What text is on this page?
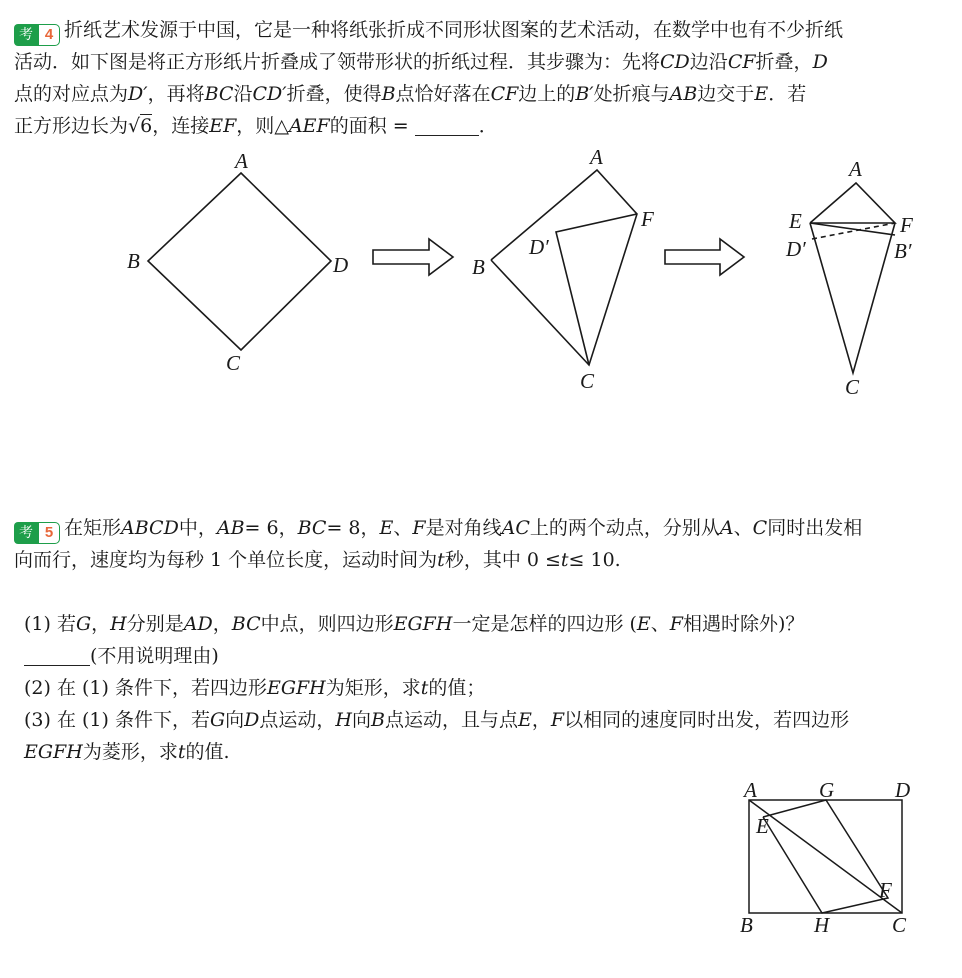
考 4 折纸艺术发源于中国，它是一种将纸张折成不同形状图案的艺术活动，在数学中也有不少折纸
活动．如下图是将正方形纸片折叠成了领带形状的折纸过程．其步骤为：先将CD边沿CF折叠，D
点的对应点为D′，再将BC沿CD′折叠，使得B点恰好落在CF边上的B′处折痕与AB边交于E．若
正方形边长为√6，连接EF，则△AEF的面积 =	．
A
B	D
C
A
F
D′
B
C
A
E	F
D′	B′
C
考 5 在矩形ABCD中，AB= 6，BC= 8，E、F是对角线AC上的两个动点，分别从A、C同时出发相
向而行，速度均为每秒 1 个单位长度，运动时间为t秒，其中 0 ≤t≤ 10.
(1) 若G，H分别是AD，BC中点，则四边形EGFH一定是怎样的四边形 (E、F相遇时除外)？
(不用说明理由)
(2) 在 (1) 条件下，若四边形EGFH为矩形，求t的值；
(3) 在 (1) 条件下，若G向D点运动，H向B点运动，且与点E，F以相同的速度同时出发，若四边形
EGFH为菱形，求t的值.
A	G	D
E
F
B	H	C
